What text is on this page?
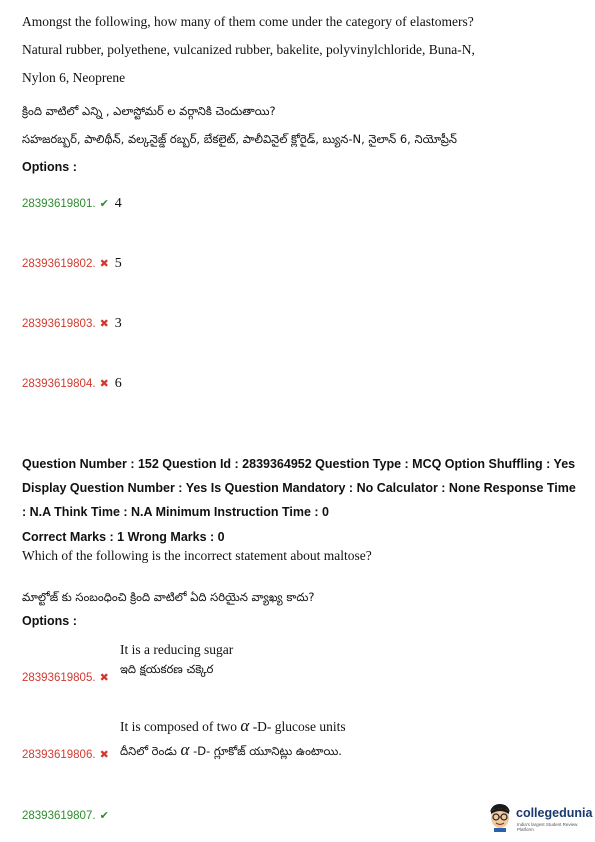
Amongst the following, how many of them come under the category of elastomers?
Natural rubber, polyethene, vulcanized rubber, bakelite, polyvinylchloride, Buna-N,
Nylon 6, Neoprene
క్రింది వాటిలో ఎన్ని , ఎలాస్టోమర్ ల వర్గానికి చెందుతాయి?
సహజరబ్బర్, పాలిథీన్, వల్కనైజ్డ్ రబ్బర్, బేకలైట్, పాలీవినైల్ క్లోరైడ్, బ్యున-N, నైలాన్ 6, నియోప్రీన్
Options :
28393619801. ✔ 4
28393619802. ✖ 5
28393619803. ✖ 3
28393619804. ✖ 6
Question Number : 152 Question Id : 2839364952 Question Type : MCQ Option Shuffling : Yes
Display Question Number : Yes Is Question Mandatory : No Calculator : None Response Time
: N.A Think Time : N.A Minimum Instruction Time : 0
Correct Marks : 1 Wrong Marks : 0
Which of the following is the incorrect statement about maltose?
మాల్టోజ్ కు సంబంధించి క్రింది వాటిలో ఏది సరియైన వ్యాఖ్య కాదు?
Options :
It is a reducing sugar
ఇది క్షయకరణ చక్కెర
28393619805. ✖
It is composed of two α -D- glucose units
దీనిలో రెండు α -D- గ్లూకోజ్ యూనిట్లు ఉంటాయి.
28393619806. ✖
28393619807. ✔	collegedunia
India's largest Student Review Platform
